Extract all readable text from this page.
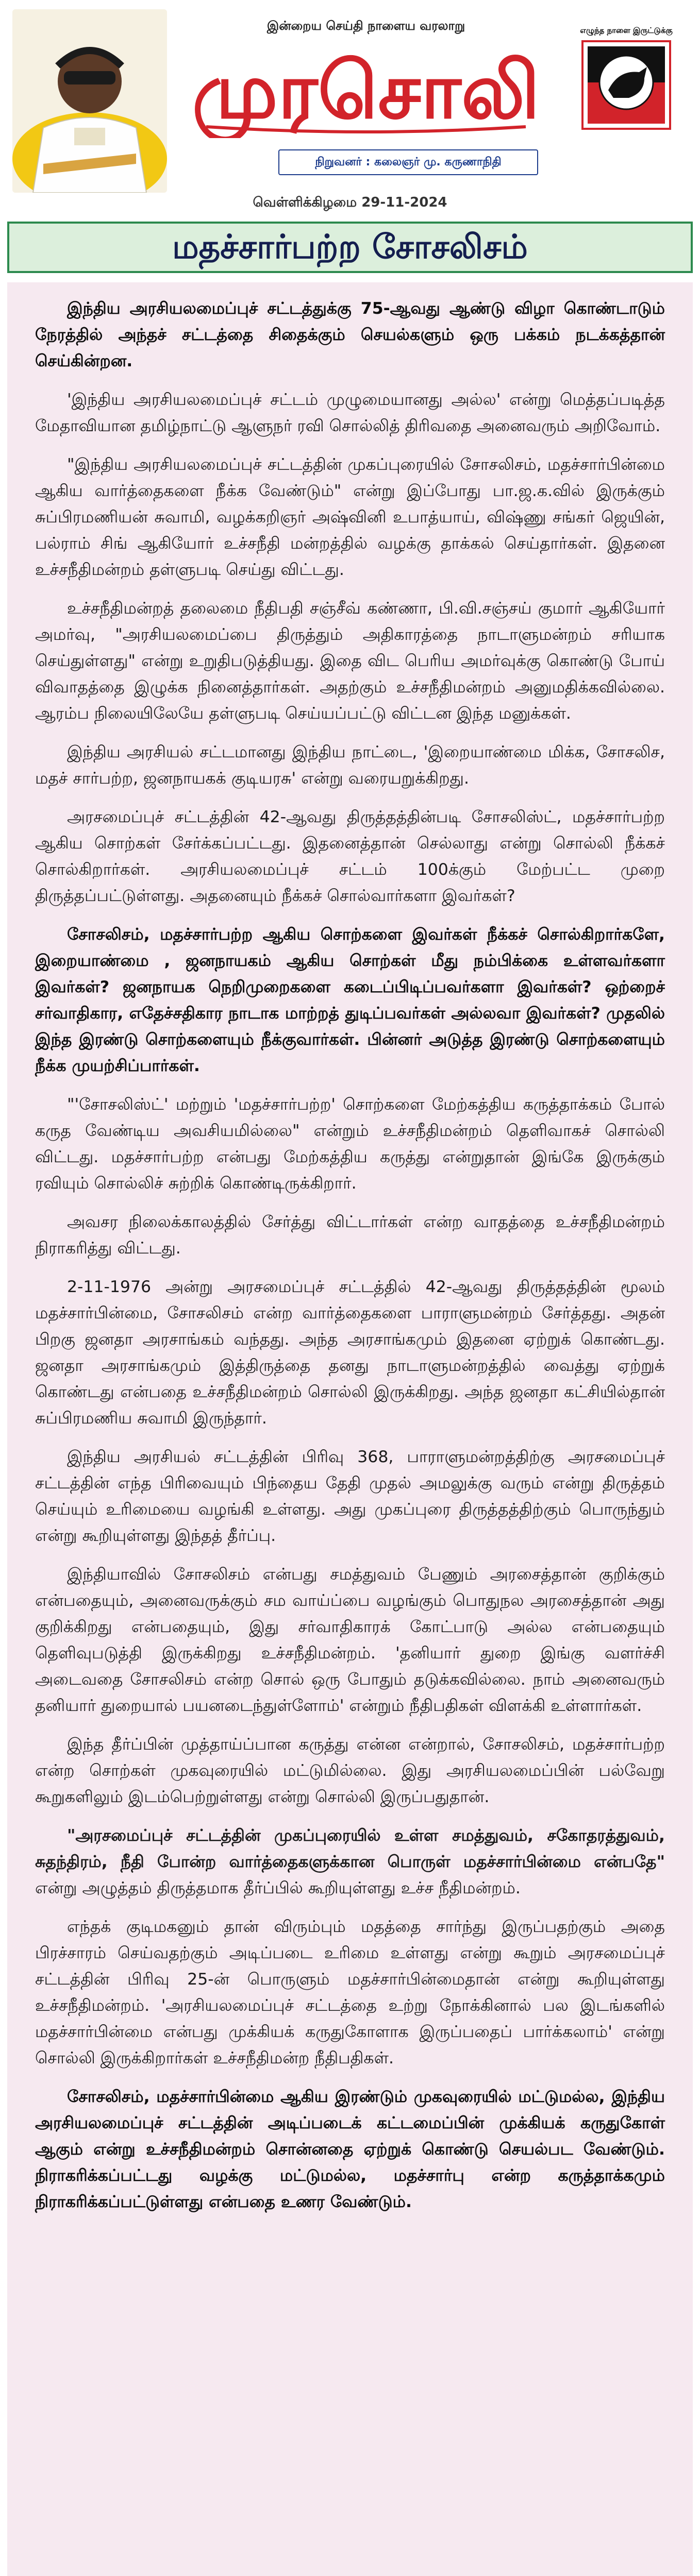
இன்றைய செய்தி நாளைய வரலாறு
முரசொலி
நிறுவனர் : கலைஞர் மு. கருணாநிதி
எழுந்த நாளை இருட்டுக்கு
வெள்ளிக்கிழமை 29-11-2024
மதச்சார்பற்ற சோசலிசம்

இந்திய அரசியலமைப்புச் சட்டத்துக்கு 75-ஆவது ஆண்டு விழா கொண்டாடும் நேரத்தில் அந்தச் சட்டத்தை சிதைக்கும் செயல்களும் ஒரு பக்கம் நடக்கத்தான் செய்கின்றன.

'இந்திய அரசியலமைப்புச் சட்டம் முழுமையானது அல்ல' என்று மெத்தப்படித்த மேதாவியான தமிழ்நாட்டு ஆளுநர் ரவி சொல்லித் திரிவதை அனைவரும் அறிவோம்.

"இந்திய அரசியலமைப்புச் சட்டத்தின் முகப்புரையில் சோசலிசம், மதச்சார்பின்மை ஆகிய வார்த்தைகளை நீக்க வேண்டும்" என்று இப்போது பா.ஜ.க.வில் இருக்கும் சுப்பிரமணியன் சுவாமி, வழக்கறிஞர் அஷ்வினி உபாத்யாய், விஷ்ணு சங்கர் ஜெயின், பல்ராம் சிங் ஆகியோர் உச்சநீதி மன்றத்தில் வழக்கு தாக்கல் செய்தார்கள். இதனை உச்சநீதிமன்றம் தள்ளுபடி செய்து விட்டது.

உச்சநீதிமன்றத் தலைமை நீதிபதி சஞ்சீவ் கண்ணா, பி.வி.சஞ்சய் குமார் ஆகியோர் அமர்வு, "அரசியலமைப்பை திருத்தும் அதிகாரத்தை நாடாளுமன்றம் சரியாக செய்துள்ளது" என்று உறுதிபடுத்தியது. இதை விட பெரிய அமர்வுக்கு கொண்டு போய் விவாதத்தை இழுக்க நினைத்தார்கள். அதற்கும் உச்சநீதிமன்றம் அனுமதிக்கவில்லை. ஆரம்ப நிலையிலேயே தள்ளுபடி செய்யப்பட்டு விட்டன இந்த மனுக்கள்.

இந்திய அரசியல் சட்டமானது இந்திய நாட்டை, 'இறையாண்மை மிக்க, சோசலிச, மதச் சார்பற்ற, ஜனநாயகக் குடியரசு' என்று வரையறுக்கிறது.

அரசமைப்புச் சட்டத்தின் 42-ஆவது திருத்தத்தின்படி சோசலிஸ்ட், மதச்சார்பற்ற ஆகிய சொற்கள் சேர்க்கப்பட்டது. இதனைத்தான் செல்லாது என்று சொல்லி நீக்கச் சொல்கிறார்கள். அரசியலமைப்புச் சட்டம் 100க்கும் மேற்பட்ட முறை திருத்தப்பட்டுள்ளது. அதனையும் நீக்கச் சொல்வார்களா இவர்கள்?

சோசலிசம், மதச்சார்பற்ற ஆகிய சொற்களை இவர்கள் நீக்கச் சொல்கிறார்களே, இறையாண்மை , ஜனநாயகம் ஆகிய சொற்கள் மீது நம்பிக்கை உள்ளவர்களா இவர்கள்? ஜனநாயக நெறிமுறைகளை கடைப்பிடிப்பவர்களா இவர்கள்? ஒற்றைச் சர்வாதிகார, எதேச்சதிகார நாடாக மாற்றத் துடிப்பவர்கள் அல்லவா இவர்கள்? முதலில் இந்த இரண்டு சொற்களையும் நீக்குவார்கள். பின்னர் அடுத்த இரண்டு சொற்களையும் நீக்க முயற்சிப்பார்கள்.

"'சோசலிஸ்ட்' மற்றும் 'மதச்சார்பற்ற' சொற்களை மேற்கத்திய கருத்தாக்கம் போல் கருத வேண்டிய அவசியமில்லை" என்றும் உச்சநீதிமன்றம் தெளிவாகச் சொல்லி விட்டது. மதச்சார்பற்ற என்பது மேற்கத்திய கருத்து என்றுதான் இங்கே இருக்கும் ரவியும் சொல்லிச் சுற்றிக் கொண்டிருக்கிறார்.

அவசர நிலைக்காலத்தில் சேர்த்து விட்டார்கள் என்ற வாதத்தை உச்சநீதிமன்றம் நிராகரித்து விட்டது.

2-11-1976 அன்று அரசமைப்புச் சட்டத்தில் 42-ஆவது திருத்தத்தின் மூலம் மதச்சார்பின்மை, சோசலிசம் என்ற வார்த்தைகளை பாராளுமன்றம் சேர்த்தது. அதன் பிறகு ஜனதா அரசாங்கம் வந்தது. அந்த அரசாங்கமும் இதனை ஏற்றுக் கொண்டது. ஜனதா அரசாங்கமும் இத்திருத்தை தனது நாடாளுமன்றத்தில் வைத்து ஏற்றுக் கொண்டது என்பதை உச்சநீதிமன்றம் சொல்லி இருக்கிறது. அந்த ஜனதா கட்சியில்தான் சுப்பிரமணிய சுவாமி இருந்தார்.

இந்திய அரசியல் சட்டத்தின் பிரிவு 368, பாராளுமன்றத்திற்கு அரசமைப்புச் சட்டத்தின் எந்த பிரிவையும் பிந்தைய தேதி முதல் அமலுக்கு வரும் என்று திருத்தம் செய்யும் உரிமையை வழங்கி உள்ளது. அது முகப்புரை திருத்தத்திற்கும் பொருந்தும் என்று கூறியுள்ளது இந்தத் தீர்ப்பு.

இந்தியாவில் சோசலிசம் என்பது சமத்துவம் பேணும் அரசைத்தான் குறிக்கும் என்பதையும், அனைவருக்கும் சம வாய்ப்பை வழங்கும் பொதுநல அரசைத்தான் அது குறிக்கிறது என்பதையும், இது சர்வாதிகாரக் கோட்பாடு அல்ல என்பதையும் தெளிவுபடுத்தி இருக்கிறது உச்சநீதிமன்றம். 'தனியார் துறை இங்கு வளர்ச்சி அடைவதை சோசலிசம் என்ற சொல் ஒரு போதும் தடுக்கவில்லை. நாம் அனைவரும் தனியார் துறையால் பயனடைந்துள்ளோம்' என்றும் நீதிபதிகள் விளக்கி உள்ளார்கள்.

இந்த தீர்ப்பின் முத்தாய்ப்பான கருத்து என்ன என்றால், சோசலிசம், மதச்சார்பற்ற என்ற சொற்கள் முகவுரையில் மட்டுமில்லை. இது அரசியலமைப்பின் பல்வேறு கூறுகளிலும் இடம்பெற்றுள்ளது என்று சொல்லி இருப்பதுதான்.

"அரசமைப்புச் சட்டத்தின் முகப்புரையில் உள்ள சமத்துவம், சகோதரத்துவம், சுதந்திரம், நீதி போன்ற வார்த்தைகளுக்கான பொருள் மதச்சார்பின்மை என்பதே" என்று அழுத்தம் திருத்தமாக தீர்ப்பில் கூறியுள்ளது உச்ச நீதிமன்றம்.

எந்தக் குடிமகனும் தான் விரும்பும் மதத்தை சார்ந்து இருப்பதற்கும் அதை பிரச்சாரம் செய்வதற்கும் அடிப்படை உரிமை உள்ளது என்று கூறும் அரசமைப்புச் சட்டத்தின் பிரிவு 25-ன் பொருளும் மதச்சார்பின்மைதான் என்று கூறியுள்ளது உச்சநீதிமன்றம். 'அரசியலமைப்புச் சட்டத்தை உற்று நோக்கினால் பல இடங்களில் மதச்சார்பின்மை என்பது முக்கியக் கருதுகோளாக இருப்பதைப் பார்க்கலாம்' என்று சொல்லி இருக்கிறார்கள் உச்சநீதிமன்ற நீதிபதிகள்.

சோசலிசம், மதச்சார்பின்மை ஆகிய இரண்டும் முகவுரையில் மட்டுமல்ல, இந்திய அரசியலமைப்புச் சட்டத்தின் அடிப்படைக் கட்டமைப்பின் முக்கியக் கருதுகோள் ஆகும் என்று உச்சநீதிமன்றம் சொன்னதை ஏற்றுக் கொண்டு செயல்பட வேண்டும். நிராகரிக்கப்பட்டது வழக்கு மட்டுமல்ல, மதச்சார்பு என்ற கருத்தாக்கமும் நிராகரிக்கப்பட்டுள்ளது என்பதை உணர வேண்டும்.
